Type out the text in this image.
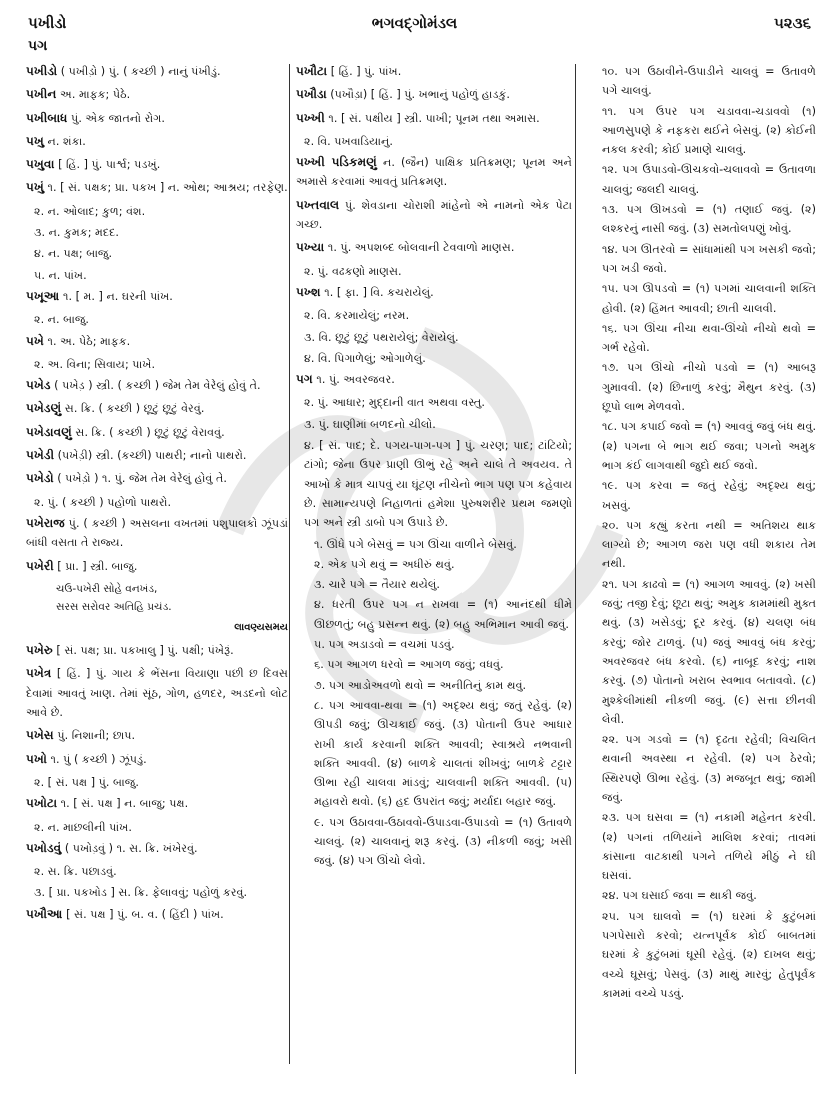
પખીડો	ભગવદ્ગોમંડલ	૫૨૩૬
પગ
પખીડો ( પખીડ઼ો ) પું. ( કચ્છી ) નાનું પંખીડું.
પખીન અ. માફક; પેઠે.
પખીબાધ પું. એક જાતનો રોગ.
પખુ ન. શંકા.
પખુવા [ હિં. ] પું. પાર્શ્વ; પડખું.
પખું ૧. [ સં. પક્ષક; પ્રા. પકખ ] ન. ઓથ; આશ્રય; તરફેણ.
૨. ન. ઓલાદ; કુળ; વંશ.
૩. ન. કુમક; મદદ.
૪. ન. પક્ષ; બાજુ.
૫. ન. પાંખ.
પખૂઆ ૧. [ મ. ] ન. ઘરની પાંખ.
૨. ન. બાજુ.
પખે ૧. અ. પેઠે; માફક.
૨. અ. વિના; સિવાય; પાખે.
પખેડ ( પખેડ઼ ) સ્ત્રી. ( કચ્છી ) જેમ તેમ વેરેલું હોવું તે.
પખેડણું સ. ક્રિ. ( કચ્છી ) છૂટું છૂટું વેરવું.
પખેડાવણું સ. ક્રિ. ( કચ્છી ) છૂટું છૂટું વેરાવવું.
પખેડી (પખેડ઼ી) સ્ત્રી. (કચ્છી) પાથરી; નાનો પાથરો.
પખેડો ( પખેડ઼ો ) ૧. પું. જેમ તેમ વેરેલું હોવું તે.
૨. પું. ( કચ્છી ) પહોળો પાથરો.
પખેરાજ પું. ( કચ્છી ) અસલના વખતમાં પશુપાલકો ઝૂંપડાં બાંધી વસતા તે રાજ્ય.
પખેરી [ પ્રા. ] સ્ત્રી. બાજુ.
ચઉ-પખેરી સોહે વનખંડ,
સરસ સરોવર અતિહિ પ્રચંડ.
લાવણ્યસમય
પખેરુ [ સં. પક્ષ; પ્રા. પકખાલુ ] પું. પક્ષી; પંખેરૂં.
પખેત્ર [ હિં. ] પું. ગાય કે ભેંસના વિયાણા પછી છ દિવસ દેવામાં આવતું ખાણ. તેમાં સૂંઠ, ગોળ, હળદર, અડદનો લોટ આવે છે.
પખેસ પું. નિશાની; છાપ.
પખો ૧. પું ( કચ્છી ) ઝૂંપડું.
૨. [ સં. પક્ષ ] પું. બાજુ.
પખોટા ૧. [ સં. પક્ષ ] ન. બાજુ; પક્ષ.
૨. ન. માછલીની પાંખ.
પખોડવું ( પખોડ઼વું ) ૧. સ. ક્રિ. ખંખેરવું.
૨. સ. ક્રિ. પછાડવું.
૩. [ પ્રા. પકખોડ ] સ. ક્રિ. ફેલાવવું; પહોળું કરવું.
પખૌઆ [ સં. પક્ષ ] પું. બ. વ. ( હિંદી ) પાંખ.
પખૌટા [ હિં. ] પું. પાંખ.
પખૌડા (પખૌડ઼ા) [ હિં. ] પું. ખભાનું પહોળું હાડકું.
પખ્ખી ૧. [ સં. પક્ષીય ] સ્ત્રી. પાખી; પૂનમ તથા અમાસ.
૨. વિ. પખવાડિયાનું.
પખ્ખી પડિકમણું ન. (જૈન) પાક્ષિક પ્રતિક્રમણ; પૂનમ અને અમાસે કરવામાં આવતું પ્રતિક્રમણ.
પખ્તવાલ પું. શેવડાના ચોરાશી માંહેનો એ નામનો એક પેટા ગચ્છ.
પખ્યા ૧. પું. અપશબ્દ બોલવાની ટેવવાળો માણસ.
૨. પું. વઢકણો માણસ.
પખ્શ ૧. [ ફા. ] વિ. કચરાયેલું.
૨. વિ. કરમાયેલું; નરમ.
૩. વિ. છૂટું છૂટું પથરાયેલું; વેરાયેલું.
૪. વિ. પિગાળેલું; ઓગાળેલું.
પગ ૧. પું. અવરજવર.
૨. પું. આધાર; મુદ્દાની વાત અથવા વસ્તુ.
૩. પું. ઘાણીમાં બળદનો ચીલો.
૪. [ સં. પાદ; દે. પગય-પાગ-પગ ] પું. ચરણ; પાદ; ટાંટિયો; ટાંગો; જેના ઉપર પ્રાણી ઊભું રહે અને ચાલે તે અવયવ. તે આખો કે માત્ર ચાપવું યા ઘૂંટણ નીચેનો ભાગ પણ પગ કહેવાય છે. સામાન્યપણે નિહાળતાં હમેશા પુરુષશરીર પ્રથમ જમણો પગ અને સ્ત્રી ડાબો પગ ઉપાડે છે.
૧. ઊંધે પગે બેસવું = પગ ઊંચા વાળીને બેસવું.
૨. એક પગે થવું = અધીરું થવું.
૩. ચારે પગે = તૈયાર થયેલું.
૪. ધરતી ઉપર પગ ન રાખવા = (૧) આનંદથી ધીમે ઊછળતું; બહુ પ્રસન્ન થવું. (૨) બહુ અભિમાન આવી જવું.
૫. પગ અડાડવો = વચમાં પડવું.
૬. પગ આગળ ધરવો = આગળ જવું; વધવું.
૭. પગ આડોઅવળો થવો = અનીતિનું કામ થવું.
૮. પગ આવવા-થવા = (૧) અદૃશ્ય થવું; જતું રહેવું. (૨) ઊપડી જવું; ઊચકાઈ જવું. (૩) પોતાની ઉપર આધાર રાખી કાર્ય કરવાની શક્તિ આવવી; સ્વાશ્રયે નભવાની શક્તિ આવવી. (૪) બાળકે ચાલતાં શીખવું; બાળકે ટટ્ટાર ઊભા રહી ચાલવા માંડવું; ચાલવાની શક્તિ આવવી. (૫) મહાવરો થવો. (૬) હદ ઉપરાંત જવું; મર્યાદા બહાર જવું.
૯. પગ ઉઠાવવા-ઉઠાવવો-ઉપાડવા-ઉપાડવો = (૧) ઉતાવળે ચાલવું. (૨) ચાલવાનું શરૂ કરવું. (૩) નીકળી જવું; ખસી જવું. (૪) પગ ઊંચો લેવો.
૧૦. પગ ઉઠાવીને-ઉપાડીને ચાલવું = ઉતાવળે પગે ચાલવું.
૧૧. પગ ઉપર પગ ચડાવવા-ચડાવવો (૧) આળસુપણે કે નફકરા થઈને બેસવું. (૨) કોઈની નકલ કરવી; કોઈ પ્રમાણે ચાલવું.
૧૨. પગ ઉપાડવો-ઊચકવો-ચલાવવો = ઉતાવળા ચાલવું; જલદી ચાલવું.
૧૩. પગ ઊખડવો = (૧) તણાઈ જવું. (૨) લશ્કરનું નાસી જવું. (૩) સમતોલપણું ખોવું.
૧૪. પગ ઊતરવો = સાંધામાંથી પગ ખસકી જવો; પગ ખડી જવો.
૧૫. પગ ઊપડવો = (૧) પગમાં ચાલવાની શક્તિ હોવી. (૨) હિંમત આવવી; છાતી ચાલવી.
૧૬. પગ ઊંચા નીચા થવા-ઊંચો નીચો થવો = ગર્ભ રહેવો.
૧૭. પગ ઊંચો નીચો પડવો = (૧) આબરૂ ગુમાવવી. (૨) છિનાળું કરવું; મૈથુન કરવું. (૩) છૂપો લાભ મેળવવો.
૧૮. પગ કપાઈ જવો = (૧) આવવું જવું બંધ થવું. (૨) પગના બે ભાગ થઈ જવા; પગનો અમુક ભાગ કંઈ લાગવાથી જુદો થઈ જવો.
૧૯. પગ કરવા = જતું રહેવું; અદૃશ્ય થવું; ખસવું.
૨૦. પગ કહ્યું કરતા નથી = અતિશય થાક લાગ્યો છે; આગળ જરા પણ વધી શકાય તેમ નથી.
૨૧. પગ કાઢવો = (૧) આગળ આવવું. (૨) ખસી જવું; તજી દેવું; છૂટા થવું; અમુક કામમાંથી મુક્ત થવું. (૩) ખસેડવું; દૂર કરવું. (૪) ચલણ બંધ કરવું; જોર ટાળવું. (૫) જવું આવવું બંધ કરવું; અવરજવર બંધ કરવો. (૬) નાબૂદ કરવું; નાશ કરવું. (૭) પોતાનો ખરાબ સ્વભાવ બતાવવો. (૮) મુશ્કેલીમાંથી નીકળી જવું. (૯) સત્તા છીનવી લેવી.
૨૨. પગ ગડવો = (૧) દૃઢતા રહેવી; વિચલિત થવાની અવસ્થા ન રહેવી. (૨) પગ ઠેરવો; સ્થિરપણે ઊભા રહેવું. (૩) મજબૂત થવું; જામી જવું.
૨૩. પગ ઘસવા = (૧) નકામી મહેનત કરવી. (૨) પગનાં તળિયાંને માલિશ કરવાં; તાવમાં કાંસાના વાટકાથી પગને તળિયે મીઠું ને ઘી ઘસવાં.
૨૪. પગ ઘસાઈ જવા = થાકી જવું.
૨૫. પગ ઘાલવો = (૧) ઘરમાં કે કુટુંબમાં પગપેસારો કરવો; યત્નપૂર્વક કોઈ બાબતમાં ઘરમાં કે કુટુંબમાં ઘૂસી રહેવું. (૨) દાખલ થવું; વચ્ચે ઘૂસવું; પેસવું. (૩) માથું મારવું; હેતુપૂર્વક કામમાં વચ્ચે પડવું.
